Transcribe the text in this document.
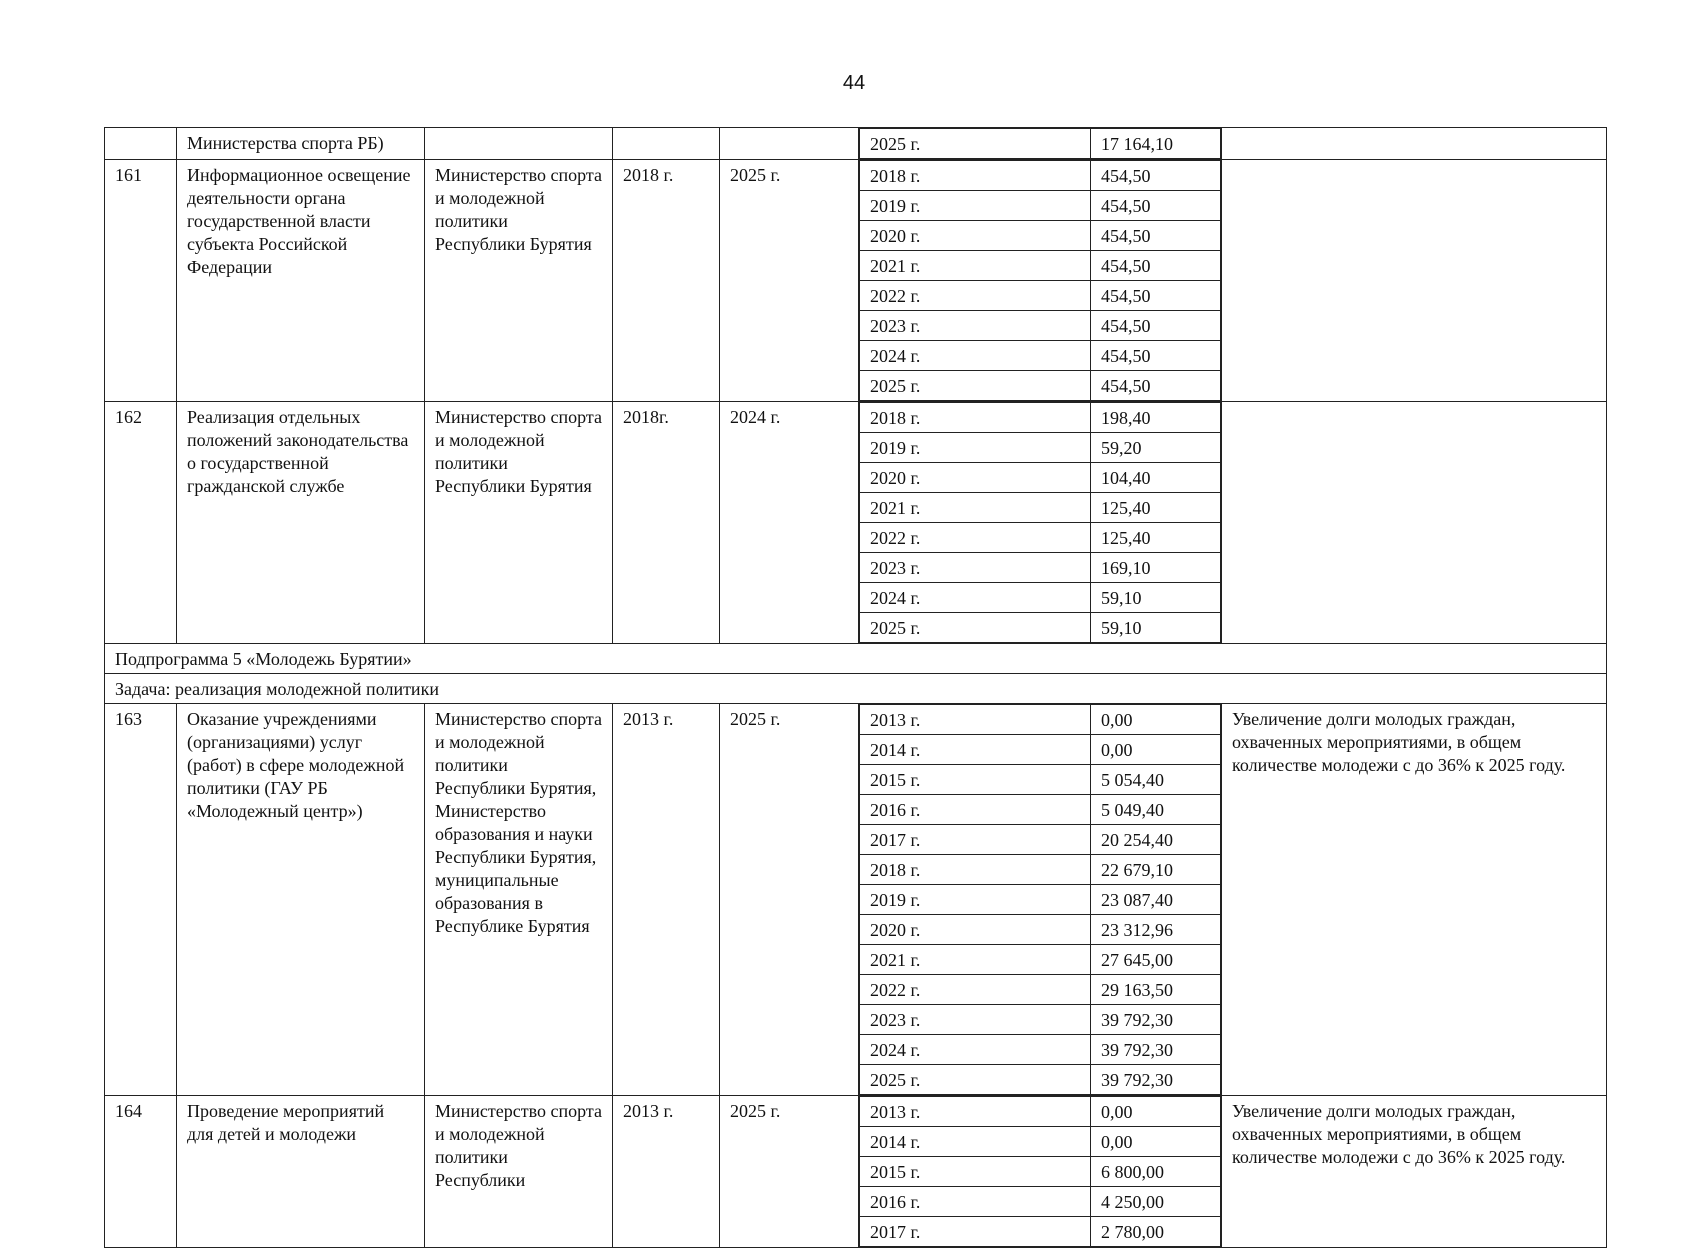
44
	Министерства спорта РБ)					2025 г.	17 164,10

161	Информационное освещение деятельности органа государственной власти субъекта Российской Федерации	Министерство спорта и молодежной политики Республики Бурятия	2018 г.	2025 г.		2018 г.	454,50
2019 г.	454,50
2020 г.	454,50
2021 г.	454,50
2022 г.	454,50
2023 г.	454,50
2024 г.	454,50
2025 г.	454,50

162	Реализация отдельных положений законодательства о государственной гражданской службе	Министерство спорта и молодежной политики Республики Бурятия	2018г.	2024 г.		2018 г.	198,40
2019 г.	59,20
2020 г.	104,40
2021 г.	125,40
2022 г.	125,40
2023 г.	169,10
2024 г.	59,10
2025 г.	59,10

Подпрограмма 5 «Молодежь Бурятии»
Задача: реализация молодежной политики
163	Оказание учреждениями (организациями) услуг (работ) в сфере молодежной политики (ГАУ РБ «Молодежный центр»)	Министерство спорта и молодежной политики Республики Бурятия, Министерство образования и науки Республики Бурятия, муниципальные образования в Республике Бурятия	2013 г.	2025 г.		2013 г.	0,00
2014 г.	0,00
2015 г.	5 054,40
2016 г.	5 049,40
2017 г.	20 254,40
2018 г.	22 679,10
2019 г.	23 087,40
2020 г.	23 312,96
2021 г.	27 645,00
2022 г.	29 163,50
2023 г.	39 792,30
2024 г.	39 792,30
2025 г.	39 792,30
	Увеличение долги молодых граждан, охваченных мероприятиями, в общем количестве молодежи с до 36% к 2025 году.
164	Проведение мероприятий для детей и молодежи	Министерство спорта и молодежной политики Республики	2013 г.	2025 г.		2013 г.	0,00
2014 г.	0,00
2015 г.	6 800,00
2016 г.	4 250,00
2017 г.	2 780,00
	Увеличение долги молодых граждан, охваченных мероприятиями, в общем количестве молодежи с до 36% к 2025 году.
